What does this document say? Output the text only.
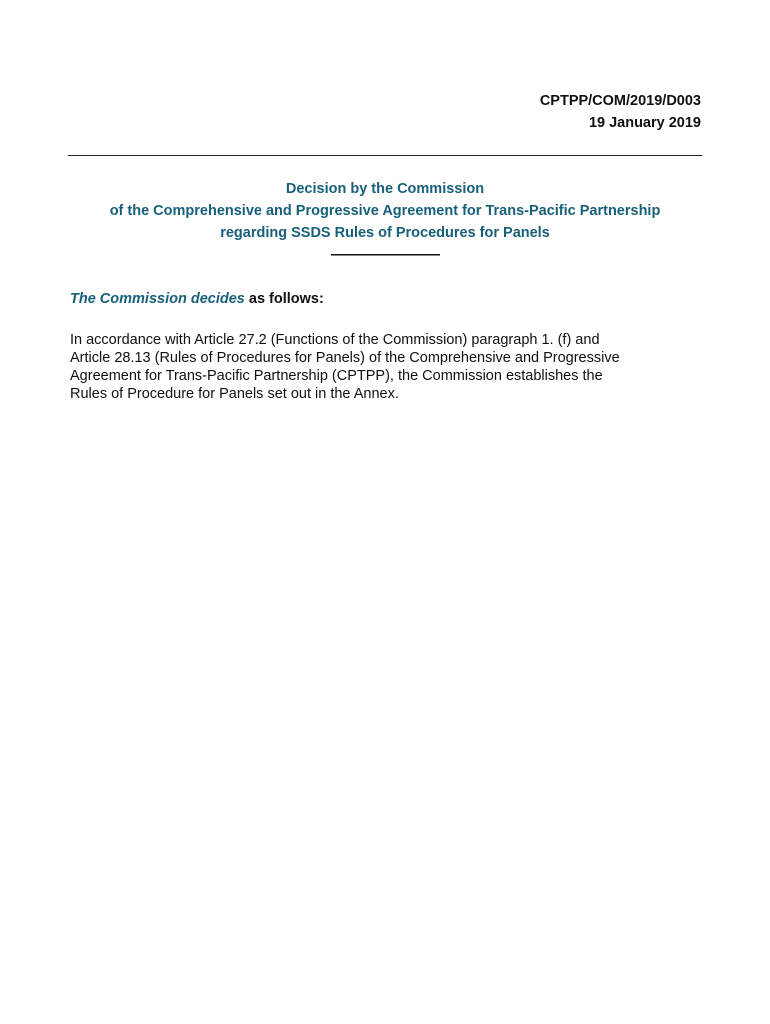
CPTPP/COM/2019/D003
19 January 2019
Decision by the Commission
of the Comprehensive and Progressive Agreement for Trans-Pacific Partnership
regarding SSDS Rules of Procedures for Panels
————————
The Commission decides as follows:
In accordance with Article 27.2 (Functions of the Commission) paragraph 1. (f) and
Article 28.13 (Rules of Procedures for Panels) of the Comprehensive and Progressive
Agreement for Trans-Pacific Partnership (CPTPP), the Commission establishes the
Rules of Procedure for Panels set out in the Annex.
